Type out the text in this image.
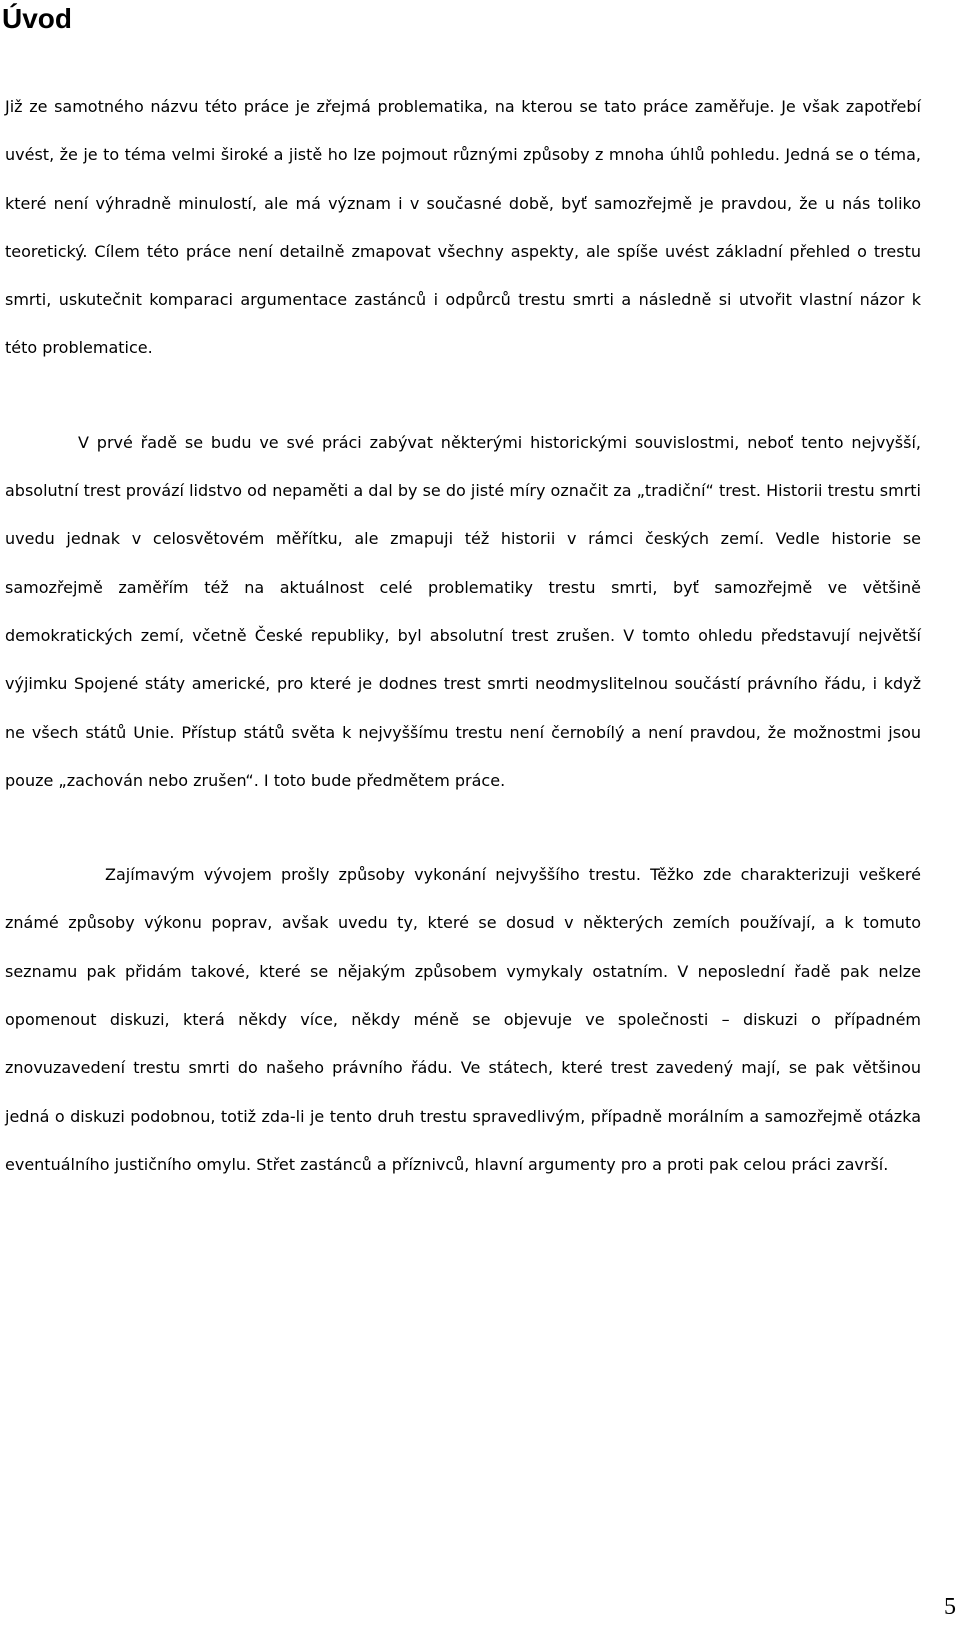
Úvod

Již ze samotného názvu této práce je zřejmá problematika, na kterou se tato práce zaměřuje. Je však zapotřebí uvést, že je to téma velmi široké a jistě ho lze pojmout různými způsoby z mnoha úhlů pohledu. Jedná se o téma, které není výhradně minulostí, ale má význam i v současné době, byť samozřejmě je pravdou, že u nás toliko teoretický. Cílem této práce není detailně zmapovat všechny aspekty, ale spíše uvést základní přehled o trestu smrti, uskutečnit komparaci argumentace zastánců i odpůrců trestu smrti a následně si utvořit vlastní názor k této problematice.

V prvé řadě se budu ve své práci zabývat některými historickými souvislostmi, neboť tento nejvyšší, absolutní trest provází lidstvo od nepaměti a dal by se do jisté míry označit za „tradiční“ trest. Historii trestu smrti uvedu jednak v celosvětovém měřítku, ale zmapuji též historii v rámci českých zemí. Vedle historie se samozřejmě zaměřím též na aktuálnost celé problematiky trestu smrti, byť samozřejmě ve většině demokratických zemí, včetně České republiky, byl absolutní trest zrušen. V tomto ohledu představují největší výjimku Spojené státy americké, pro které je dodnes trest smrti neodmyslitelnou součástí právního řádu, i když ne všech států Unie. Přístup států světa k nejvyššímu trestu není černobílý a není pravdou, že možnostmi jsou pouze „zachován nebo zrušen“. I toto bude předmětem práce.

Zajímavým vývojem prošly způsoby vykonání nejvyššího trestu. Těžko zde charakterizuji veškeré známé způsoby výkonu poprav, avšak uvedu ty, které se dosud v některých zemích používají, a k tomuto seznamu pak přidám takové, které se nějakým způsobem vymykaly ostatním. V neposlední řadě pak nelze opomenout diskuzi, která někdy více, někdy méně se objevuje ve společnosti – diskuzi o případném znovuzavedení trestu smrti do našeho právního řádu. Ve státech, které trest zavedený mají, se pak většinou jedná o diskuzi podobnou, totiž zda-li je tento druh trestu spravedlivým, případně morálním a samozřejmě otázka eventuálního justičního omylu. Střet zastánců a příznivců, hlavní argumenty pro a proti pak celou práci završí.

5
